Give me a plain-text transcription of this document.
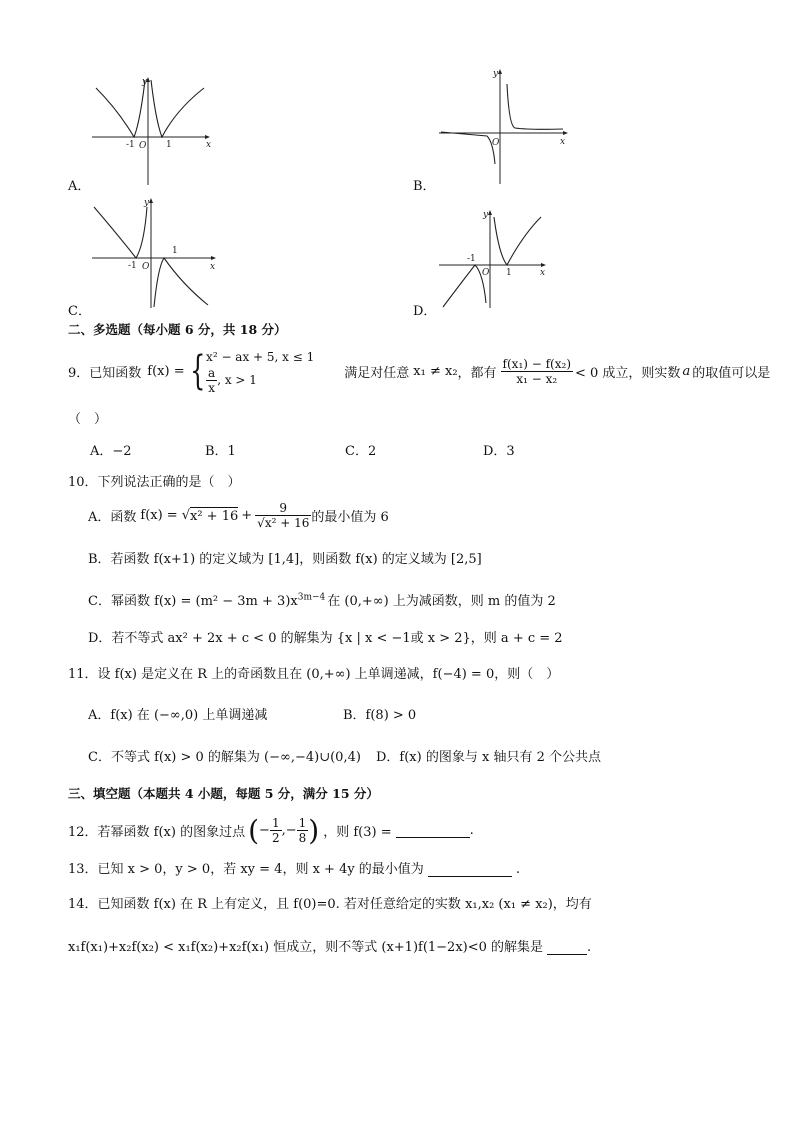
y
x
-1 O 1
A．
y
x
O
B．
y
x
-1 O
1
C．
y
x
-1
O 1
D．
二、多选题（每小题 6 分，共 18 分）
9．已知函数 f(x) = { x² − ax + 5, x ≤ 1
$\frac{a}{x}$ , x > 1	满足对任意 x₁ ≠ x₂ ，都有 $\frac{\text{f(x₁) − f(x₂)}}{\text{x₁ − x₂}} < 0$ 成立，则实数 a 的取值可以是
（　）
A．−2	B．1	C．2	D．3
10．下列说法正确的是（　）
A．函数 f(x) = √ $x^2 + 16 + \frac{9}{\text{√x² + 16}}$ 的最小值为 6
B．若函数 f(x+1) 的定义域为 [1,4]，则函数 f(x) 的定义域为 [2,5]
C．幂函数 $f(x) = (m^2 - 3m + 3)x^{3m-4}$ 在 (0,+∞) 上为减函数，则 m 的值为 2
D．若不等式 ax² + 2x + c < 0 的解集为 {x | x < −1或 x > 2}，则 a + c = 2
11．设 f(x) 是定义在 R 上的奇函数且在 (0,+∞) 上单调递减，f(−4) = 0，则（　）
A．f(x) 在 (−∞,0) 上单调递减	B．f(8) > 0
C．不等式 f(x) > 0 的解集为 (−∞,−4)∪(0,4) D．f(x) 的图象与 x 轴只有 2 个公共点
三、填空题（本题共 4 小题，每题 5 分，满分 15 分）
12．若幂函数 f(x) 的图象过点 ( − $\frac{1}{2}$ , − $\frac{1}{8}$ ) ，则 f(3) =	.
13．已知 x > 0，y > 0，若 xy = 4，则 x + 4y 的最小值为	.
14．已知函数 f(x) 在 R 上有定义，且 f(0)=0. 若对任意给定的实数 x₁,x₂ (x₁ ≠ x₂)，均有
x₁f(x₁)+x₂f(x₂) < x₁f(x₂)+x₂f(x₁) 恒成立，则不等式 (x+1)f(1−2x)<0 的解集是	.
